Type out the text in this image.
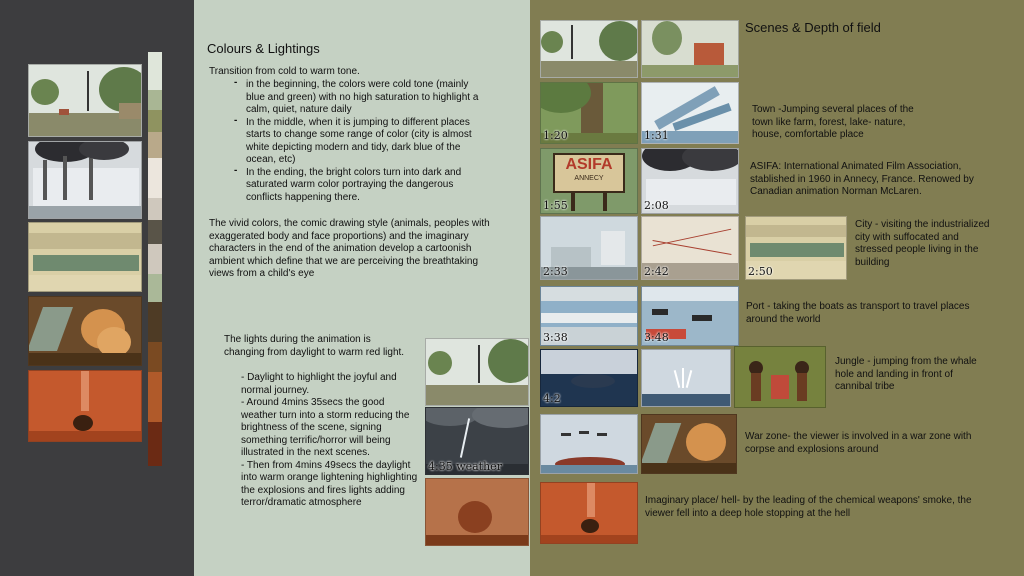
Colours & Lightings
Transition from cold to warm tone.
- in the beginning, the colors were cold tone (mainly blue and green) with no high saturation to highlight a calm, quiet, nature daily
- In the middle, when it is jumping to different places starts to change some range of color (city is almost white depicting modern and tidy, dark blue of the ocean, etc)
- In the ending, the bright colors turn into dark and saturated warm color portraying the dangerous conflicts happening there.
The vivid colors, the comic drawing style (animals, peoples with exaggerated body and face proportions) and the imaginary characters in the end of the animation develop a cartoonish ambient which define that we are perceiving the breathtaking views from a child's eye
The lights during the animation is changing from daylight to warm red light.
- Daylight to highlight the joyful and normal journey.
- Around 4mins 35secs the good weather turn into a storm reducing the brightness of the scene, signing something terrific/horror will being illustrated in the next scenes.
- Then from 4mins 49secs the daylight into warm orange lightening highlighting the explosions and fires lights adding terror/dramatic atmosphere
4:35 weather
Scenes & Depth of field
1:20	1:31
Town -Jumping several places of the town like farm, forest, lake- nature, house, comfortable place
ASIFA
ANNECY
1:55	2:08
ASIFA: International Animated Film Association, stablished in 1960 in Annecy, France. Renowed by Canadian animation Norman McLaren.
2:33	2:42	2:50
City - visiting the industrialized city with suffocated and stressed people living in the building
3:38	3:48
Port - taking the boats as transport to travel places around the world
4:2
Jungle - jumping from the whale hole and landing in front of cannibal tribe
War zone- the viewer is involved in a war zone with corpse and explosions around
Imaginary place/ hell- by the leading of the chemical weapons' smoke, the viewer fell into a deep hole stopping at the hell
